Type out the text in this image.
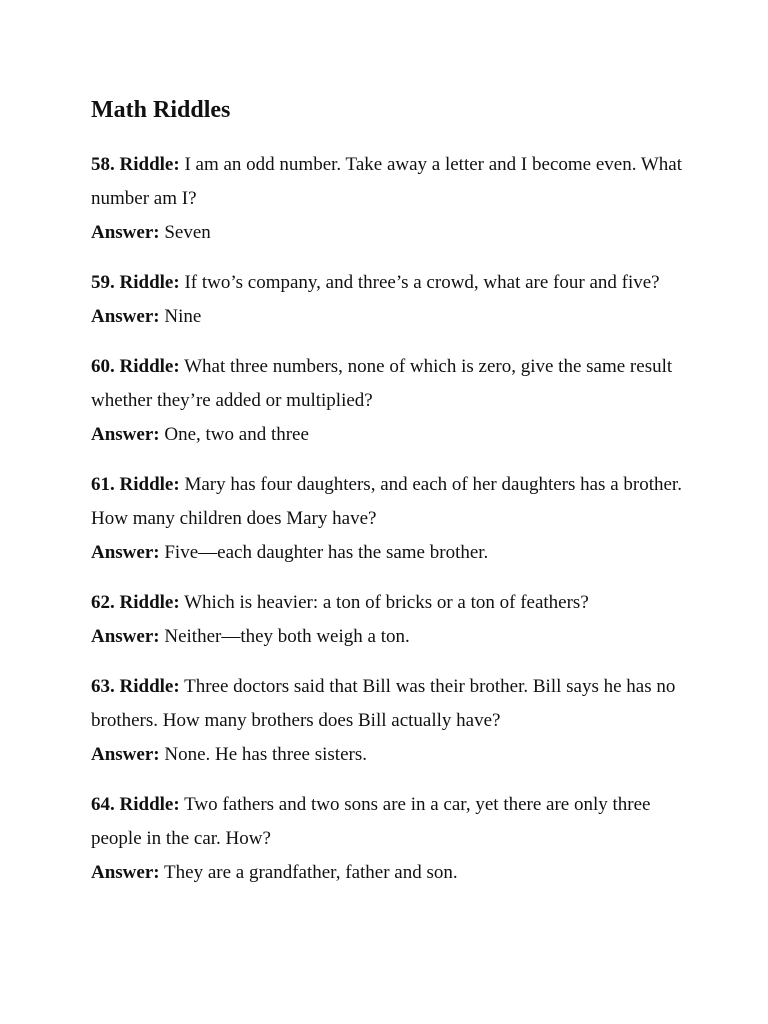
Math Riddles

58. Riddle: I am an odd number. Take away a letter and I become even. What number am I?

Answer: Seven

59. Riddle: If two’s company, and three’s a crowd, what are four and five?

Answer: Nine

60. Riddle: What three numbers, none of which is zero, give the same result whether they’re added or multiplied?

Answer: One, two and three

61. Riddle: Mary has four daughters, and each of her daughters has a brother. How many children does Mary have?

Answer: Five—each daughter has the same brother.

62. Riddle: Which is heavier: a ton of bricks or a ton of feathers?

Answer: Neither—they both weigh a ton.

63. Riddle: Three doctors said that Bill was their brother. Bill says he has no brothers. How many brothers does Bill actually have?

Answer: None. He has three sisters.

64. Riddle: Two fathers and two sons are in a car, yet there are only three people in the car. How?

Answer: They are a grandfather, father and son.
